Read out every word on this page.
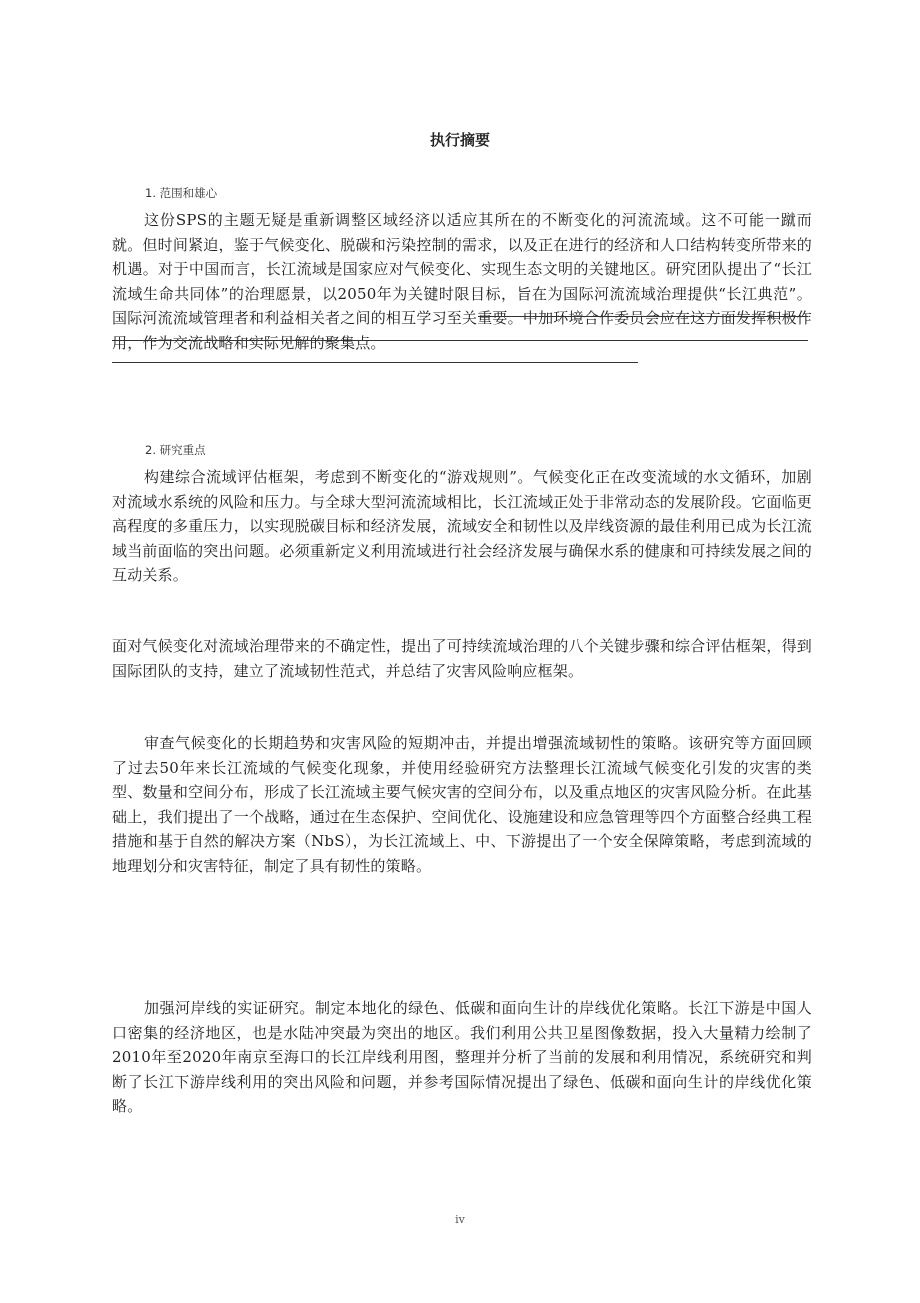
执行摘要
1. 范围和雄心
这份SPS的主题无疑是重新调整区域经济以适应其所在的不断变化的河流流域。这不可能一蹴而就。但时间紧迫，鉴于气候变化、脱碳和污染控制的需求，以及正在进行的经济和人口结构转变所带来的机遇。对于中国而言，长江流域是国家应对气候变化、实现生态文明的关键地区。研究团队提出了“长江流域生命共同体”的治理愿景，以2050年为关键时限目标，旨在为国际河流流域治理提供“长江典范”。国际河流流域管理者和利益相关者之间的相互学习至关重要。中加环境合作委员会应在这方面发挥积极作用，作为交流战略和实际见解的聚集点。
2. 研究重点
构建综合流域评估框架，考虑到不断变化的“游戏规则”。气候变化正在改变流域的水文循环，加剧对流域水系统的风险和压力。与全球大型河流流域相比，长江流域正处于非常动态的发展阶段。它面临更高程度的多重压力，以实现脱碳目标和经济发展，流域安全和韧性以及岸线资源的最佳利用已成为长江流域当前面临的突出问题。必须重新定义利用流域进行社会经济发展与确保水系的健康和可持续发展之间的互动关系。
面对气候变化对流域治理带来的不确定性，提出了可持续流域治理的八个关键步骤和综合评估框架，得到国际团队的支持，建立了流域韧性范式，并总结了灾害风险响应框架。
审查气候变化的长期趋势和灾害风险的短期冲击，并提出增强流域韧性的策略。该研究等方面回顾了过去50年来长江流域的气候变化现象，并使用经验研究方法整理长江流域气候变化引发的灾害的类型、数量和空间分布，形成了长江流域主要气候灾害的空间分布，以及重点地区的灾害风险分析。在此基础上，我们提出了一个战略，通过在生态保护、空间优化、设施建设和应急管理等四个方面整合经典工程措施和基于自然的解决方案（NbS），为长江流域上、中、下游提出了一个安全保障策略，考虑到流域的地理划分和灾害特征，制定了具有韧性的策略。
加强河岸线的实证研究。制定本地化的绿色、低碳和面向生计的岸线优化策略。长江下游是中国人口密集的经济地区，也是水陆冲突最为突出的地区。我们利用公共卫星图像数据，投入大量精力绘制了2010年至2020年南京至海口的长江岸线利用图，整理并分析了当前的发展和利用情况，系统研究和判断了长江下游岸线利用的突出风险和问题，并参考国际情况提出了绿色、低碳和面向生计的岸线优化策略。
iv
